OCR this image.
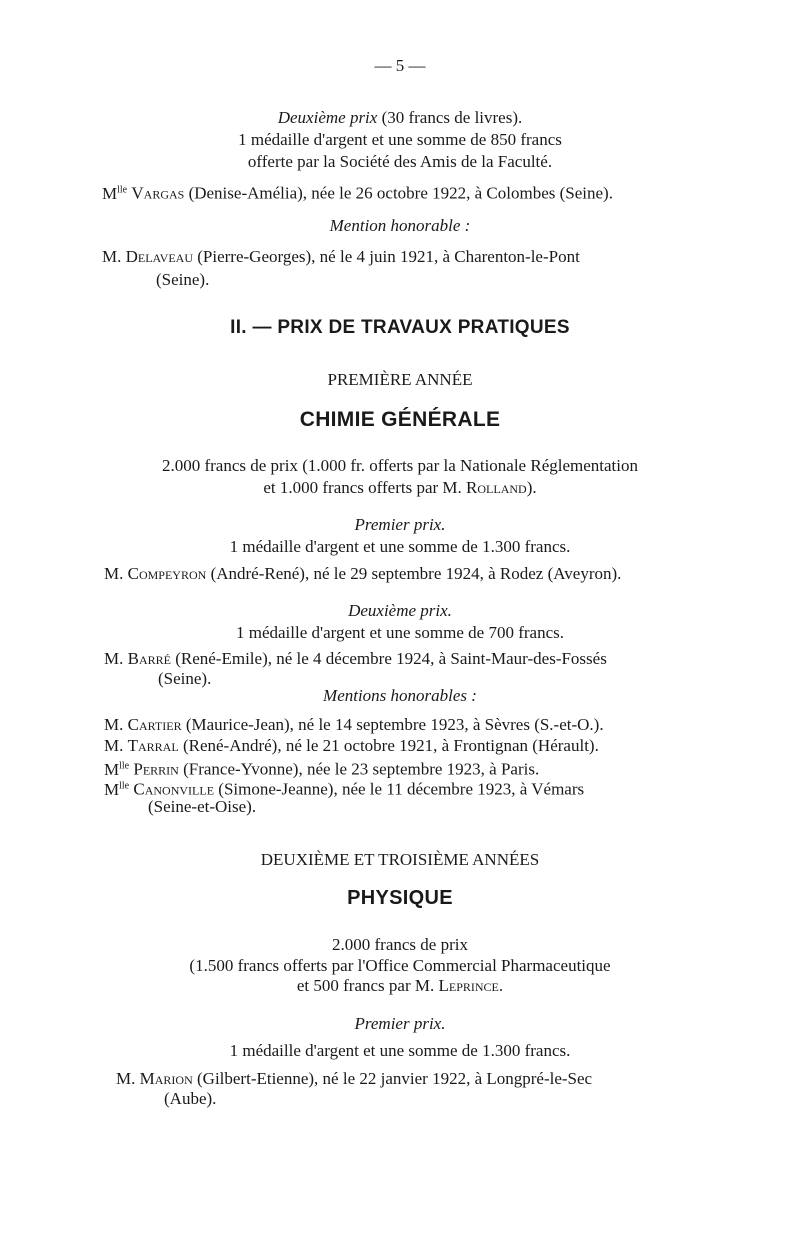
— 5 —
Deuxième prix (30 francs de livres).
1 médaille d'argent et une somme de 850 francs
offerte par la Société des Amis de la Faculté.
$M^{lle}$ Vargas (Denise-Amélia), née le 26 octobre 1922, à Colombes (Seine).
Mention honorable :
M. Delaveau (Pierre-Georges), né le 4 juin 1921, à Charenton-le-Pont
(Seine).
II. — PRIX DE TRAVAUX PRATIQUES
PREMIÈRE ANNÉE
CHIMIE GÉNÉRALE
2.000 francs de prix (1.000 fr. offerts par la Nationale Réglementation
et 1.000 francs offerts par M. Rolland).
Premier prix.
1 médaille d'argent et une somme de 1.300 francs.
M. Compeyron (André-René), né le 29 septembre 1924, à Rodez (Aveyron).
Deuxième prix.
1 médaille d'argent et une somme de 700 francs.
M. Barré (René-Emile), né le 4 décembre 1924, à Saint-Maur-des-Fossés
(Seine).
Mentions honorables :
M. Cartier (Maurice-Jean), né le 14 septembre 1923, à Sèvres (S.-et-O.).
M. Tarral (René-André), né le 21 octobre 1921, à Frontignan (Hérault).
$M^{lle}$ Perrin (France-Yvonne), née le 23 septembre 1923, à Paris.
$M^{lle}$ Canonville (Simone-Jeanne), née le 11 décembre 1923, à Vémars
(Seine-et-Oise).
DEUXIÈME ET TROISIÈME ANNÉES
PHYSIQUE
2.000 francs de prix
(1.500 francs offerts par l'Office Commercial Pharmaceutique
et 500 francs par M. Leprince.
Premier prix.
1 médaille d'argent et une somme de 1.300 francs.
M. Marion (Gilbert-Etienne), né le 22 janvier 1922, à Longpré-le-Sec
(Aube).
